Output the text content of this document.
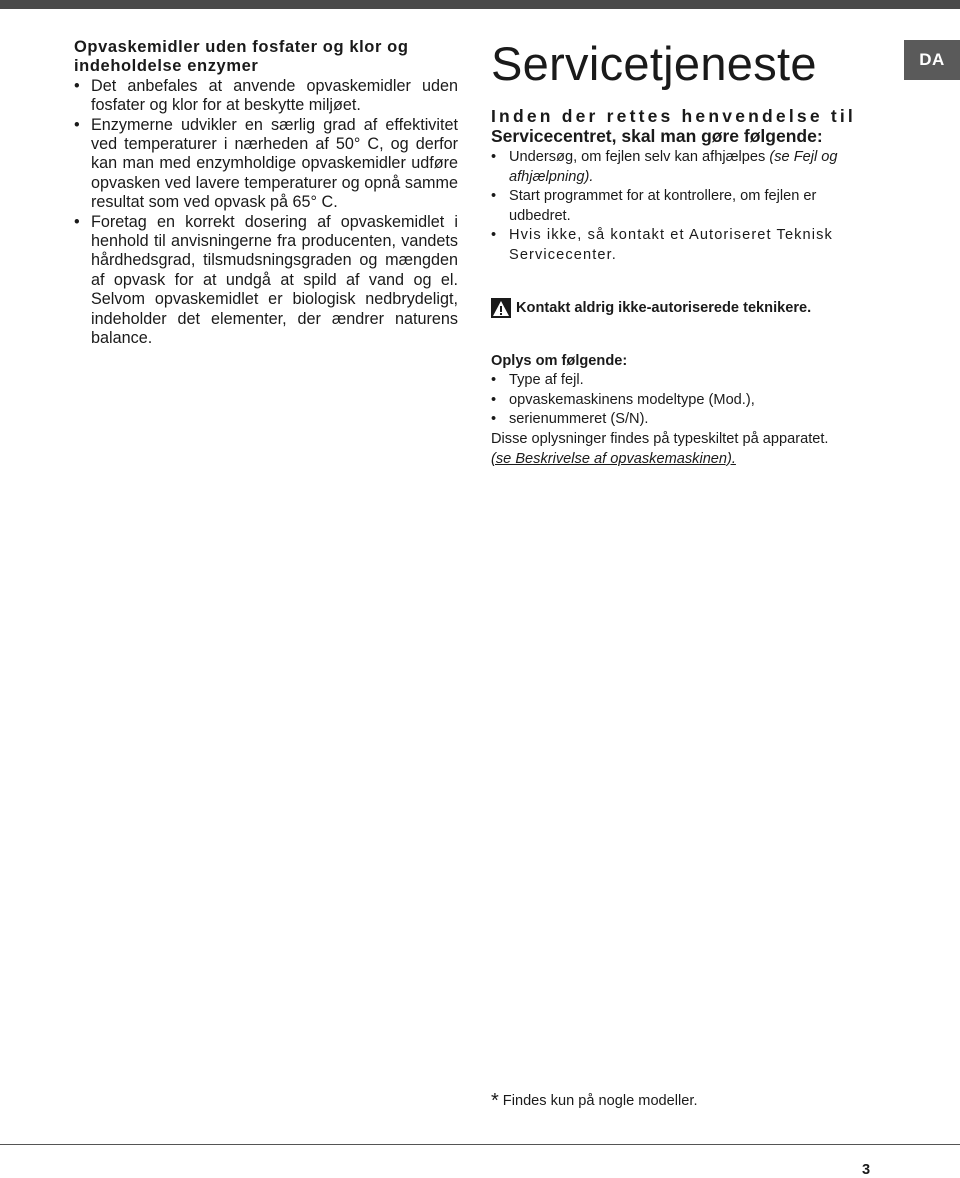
DA
Opvaskemidler uden fosfater og klor og indeholdelse enzymer

• Det anbefales at anvende opvaskemidler uden fosfater og klor for at beskytte miljøet.

• Enzymerne udvikler en særlig grad af effektivitet ved temperaturer i nærheden af 50° C, og derfor kan man med enzymholdige opvaskemidler udføre opvasken ved lavere temperaturer og opnå samme resultat som ved opvask på 65° C.

• Foretag en korrekt dosering af opvaskemidlet i henhold til anvisningerne fra producenten, vandets hårdhedsgrad, tilsmudsningsgraden og mængden af opvask for at undgå at spild af vand og el. Selvom opvaskemidlet er biologisk nedbrydeligt, indeholder det elementer, der ændrer naturens balance.

Servicetjeneste

Inden der rettes henvendelse til

Servicecentret, skal man gøre følgende:

• Undersøg, om fejlen selv kan afhjælpes (se Fejl og afhjælpning).
• Start programmet for at kontrollere, om fejlen er udbedret.
• Hvis ikke, så kontakt et Autoriseret Teknisk Servicecenter.
Kontakt aldrig ikke-autoriserede teknikere.

Oplys om følgende:

• Type af fejl.
• opvaskemaskinens modeltype (Mod.),
• serienummeret (S/N).

Disse oplysninger findes på typeskiltet på apparatet.

(se Beskrivelse af opvaskemaskinen).

* Findes kun på nogle modeller.
3
